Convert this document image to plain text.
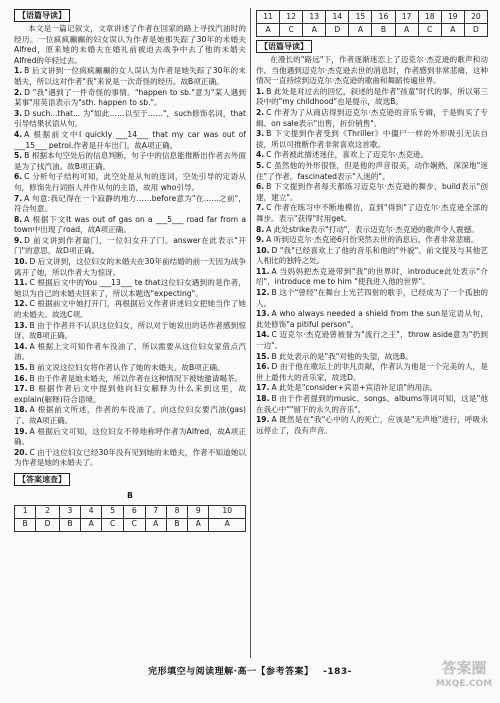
【语篇导读】

本文是一篇记叙文，文章讲述了作者在回家的路上寻找汽油时的经历。一位疯疯癫癫的妇女误认为作者是她那失踪了30年的未婚夫Alfred，原来她的未婚夫在婚礼前被迫去战争中去了他的未婚夫Alfred的年轻过去。

1. B 后文讲到一位疯疯癫癫的女人误认为作者是她失踪了30年的未婚夫，所以这对作者"我"来说是一次奇怪的经历。故B项正确。

2. D "我"遇到了一件奇怪的事情。"happen to sb."意为"某人遇到某事"用英语表示为"sth. happen to sb."。

3. D such...that... 为"如此……以至于……"，such修饰名词，that引导结果状语从句。

4. A 根据前文中I quickly ___14___ that my car was out of ___15___ petrol.作者是开车出门。故A项正确。

5. B 根据本句空处后的信息判断，句子中的信息能推断出作者去外面是为了找汽油。故B项正确。

6. C 分析句子结构可知，此空处是从句的连词，空处引导的定语从句，修饰先行词指人并作从句的主语，故用 who引导。

7. A 句意:我记得在一个寂静的地方……before意为"在……之前"，符合句意。

8. A 根据下文It was out of gas on a ___5___ road far from a town中出现了road，故A项正确。

9. D 前文讲到作者敲门，一位妇女开了门。answer在此表示"开门"的意思，故D项正确。

10. D 后文讲到，这位妇女的未婚夫在30年前结婚的前一天因为战争离开了她，所以作者大为惊讶。

11. C 根据后文中的You ___13___ te that这位妇女遇到的是作者，她以为自己的未婚夫回来了，所以本题选"expecting"。

12. C 根据前文中她打开门，再根据后文作者讲述妇女把她当作了她的未婚夫。故选C项。

13. B 由于作者并不认识这位妇女，所以对于她说出的话作者感到惊讶。故B项正确。

14. A 根据上文可知作者车没油了，所以需要从这位妇女家借点汽油。

15. B 前文说这位妇女将作者认作了她的未婚夫。故B项正确。

16. B 由于作者是她未婚夫，所以作者在这种情况下被她邀请喝茶。

17. B 根据作者后文中提到他向妇女解释为什么来到这里，故explain(解释)符合语境。

18. A 根据前文所述，作者的车没油了，向这位妇女要汽油(gas)了。故A项正确。

19. A 根据后文可知，这位妇女不停地称呼作者为Alfred，故A项正确。

20. C 由于这位妇女已经30年没有见到她的未婚夫，作者不知道她以为作者是她的未婚夫了。

【答案速查】
B
1	2	3	4	5	6	7	8	9	10
B	D	B	A	C	C	A	B	A	A
11	12	13	14	15	16	17	18	19	20
A	C	A	D	A	B	A	C	A	D
【语篇导读】

在漫长的"路远"下，作者逐渐迷恋上了迈克尔·杰克逊的歌声和动作。当他遇到迈克尔·杰克逊去世的消息时，作者感到非常悲痛，这种情况一直持续到迈克尔·杰克逊的歌曲和舞蹈传遍世界。

1. B 此处是对过去的回忆，叙述的是作者"孩童"时代的事，所以第三段中的"my childhood"也是提示，故选B。

2. C 作者为了从商店得到迈克尔·杰克逊的音乐专辑，于是购买了专辑。on sale表示"出售，折价销售"。

3. B 下文提到作者受到《Thriller》中僵尸一样的外形吸引无法自拔，所以可推断作者非常喜欢这首歌。

4. C 作者被此描述迷住，喜欢上了迈克尔·杰克逊。

5. C 虽然他的外形很怪，但是他的声音很美，动作娴熟，深深地"迷住"了作者。fascinated表示"入迷的"。

6. B 下文提到作者每天都练习迈克尔·杰克逊的舞步，build表示"创建，建立"。

7. C 作者在练习中不断地模仿，直到"得到"了迈克尔·杰克逊全部的舞步。表示"获得"时用get。

8. A 此处strike表示"打动"，表示迈克尔·杰克逊的歌声令人震撼。

9. A 听到迈克尔·杰克逊6月份突然去世的消息后，作者非常悲痛。

10. D "我"已经喜欢上了他的音乐和他的"外貌"。前文提及与其他艺人相比的独特之处。

11. A 当妈妈把杰克逊带到"我"的世界时，introduce此处表示"介绍"，introduce me to him "使我进入他的世界"。

12. B 这个"曾经"在舞台上光芒四射的歌手，已经成为了一个孤独的人。

13. A who always needed a shield from the sun是定语从句，此处修饰"a pitiful person"。

14. C 迈克尔·杰克逊曾被誉为"流行之王"，throw aside意为"扔到一边"。

15. B 此处表示的是"我"对他的失望，故选B。

16. D 由于他在歌坛上的非凡贡献，作者认为他是一个完美的人，是世上最伟大的音乐家，故选D。

17. A 此处是"consider+宾语+宾语补足语"的用法。

18. B 由于作者提到的music、songs、albums等词可知，这是"他在我心中""留下的永久的音乐"。

19. A 既然是在"我"心中的人的死亡，应该是"无声地"进行，呼吸永远停止了，没有声音。

完形填空与阅读理解·高一【参考答案】 -183-	答案圈
MXQE.COM
